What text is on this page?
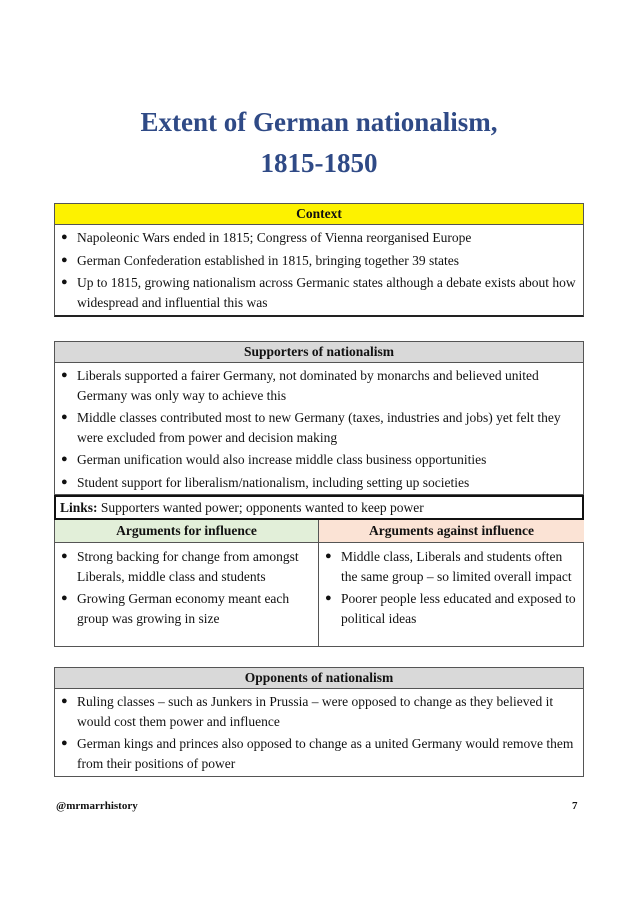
Extent of German nationalism,
1815-1850
Context
● Napoleonic Wars ended in 1815; Congress of Vienna reorganised Europe
● German Confederation established in 1815, bringing together 39 states
● Up to 1815, growing nationalism across Germanic states although a debate exists about how widespread and influential this was
Supporters of nationalism
● Liberals supported a fairer Germany, not dominated by monarchs and believed united Germany was only way to achieve this
● Middle classes contributed most to new Germany (taxes, industries and jobs) yet felt they were excluded from power and decision making
● German unification would also increase middle class business opportunities
● Student support for liberalism/nationalism, including setting up societies
Links: Supporters wanted power; opponents wanted to keep power
Arguments for influence
● Strong backing for change from amongst Liberals, middle class and students
● Growing German economy meant each group was growing in size
Arguments against influence
● Middle class, Liberals and students often the same group – so limited overall impact
● Poorer people less educated and exposed to political ideas
Opponents of nationalism
● Ruling classes – such as Junkers in Prussia – were opposed to change as they believed it would cost them power and influence
● German kings and princes also opposed to change as a united Germany would remove them from their positions of power
@mrmarrhistory	7
